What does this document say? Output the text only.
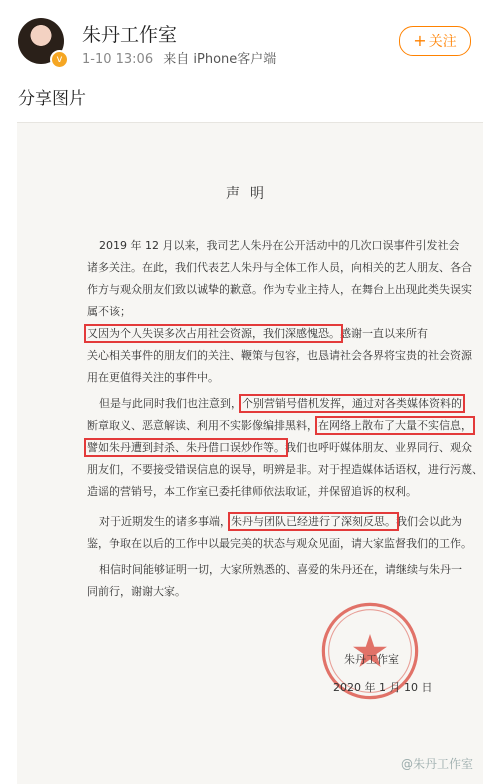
v
朱丹工作室
1-10 13:06 来自 iPhone客户端
+ 关注
分享图片
声明
2019 年 12 月以来，我司艺人朱丹在公开活动中的几次口误事件引发社会
诸多关注。在此，我们代表艺人朱丹与全体工作人员，向相关的艺人朋友、各合
作方与观众朋友们致以诚挚的歉意。作为专业主持人，在舞台上出现此类失误实
属不该；
又因为个人失误多次占用社会资源，我们深感愧恐。感谢一直以来所有
关心相关事件的朋友们的关注、鞭策与包容，也恳请社会各界将宝贵的社会资源
用在更值得关注的事件中。
但是与此同时我们也注意到，个别营销号借机发挥，通过对各类媒体资料的
断章取义、恶意解读、利用不实影像编排黑料，在网络上散布了大量不实信息，
譬如朱丹遭到封杀、朱丹借口误炒作等。我们也呼吁媒体朋友、业界同行、观众
朋友们，不要接受错误信息的误导，明辨是非。对于捏造媒体话语权，进行污蔑、
造谣的营销号，本工作室已委托律师依法取证，并保留追诉的权利。
对于近期发生的诸多事端，朱丹与团队已经进行了深刻反思。我们会以此为
鉴，争取在以后的工作中以最完美的状态与观众见面，请大家监督我们的工作。
相信时间能够证明一切，大家所熟悉的、喜爱的朱丹还在，请继续与朱丹一
同前行，谢谢大家。
朱丹工作室
2020 年 1 月 10 日
@朱丹工作室
